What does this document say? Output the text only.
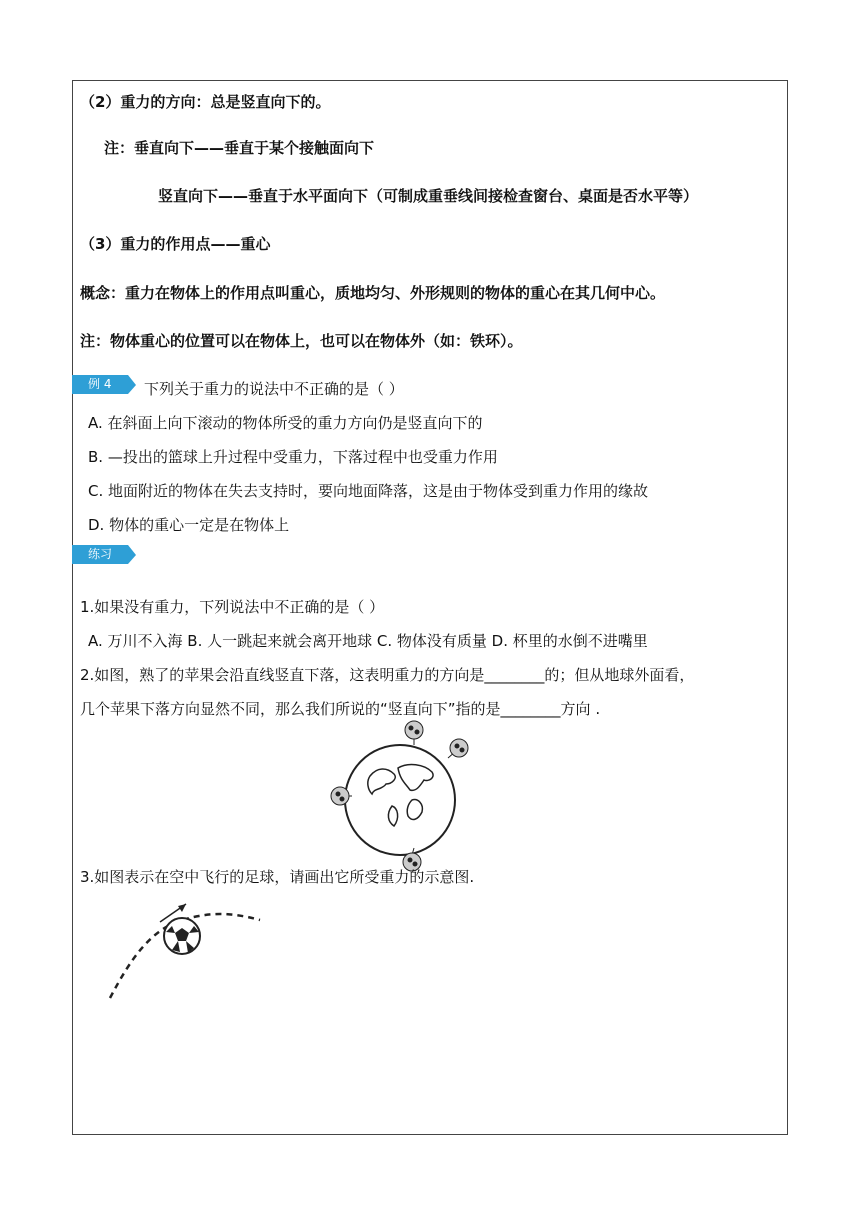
（2）重力的方向：总是竖直向下的。
注：垂直向下——垂直于某个接触面向下
竖直向下——垂直于水平面向下（可制成重垂线间接检查窗台、桌面是否水平等）
（3）重力的作用点——重心
概念：重力在物体上的作用点叫重心，质地均匀、外形规则的物体的重心在其几何中心。
注：物体重心的位置可以在物体上，也可以在物体外（如：铁环）。
例 4	下列关于重力的说法中不正确的是（ ）
A. 在斜面上向下滚动的物体所受的重力方向仍是竖直向下的
B. —投出的篮球上升过程中受重力，下落过程中也受重力作用
C. 地面附近的物体在失去支持时，要向地面降落，这是由于物体受到重力作用的缘故
D. 物体的重心一定是在物体上
练习
1.如果没有重力，下列说法中不正确的是（ ）
A. 万川不入海 B. 人一跳起来就会离开地球 C. 物体没有质量 D. 杯里的水倒不进嘴里
2.如图，熟了的苹果会沿直线竖直下落，这表明重力的方向是________的；但从地球外面看，
几个苹果下落方向显然不同，那么我们所说的“竖直向下”指的是________方向 .
3.如图表示在空中飞行的足球，请画出它所受重力的示意图.
